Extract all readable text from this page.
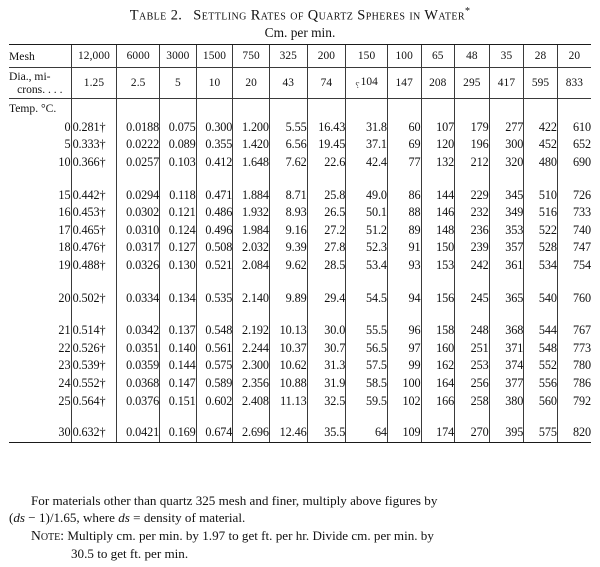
Table 2. Settling Rates of Quartz Spheres in Water*
Cm. per min.
Mesh	12,000	6000	3000	1500	750	325	200	150	100	65	48	35	28	20
Dia., mi-
crons. . . .	1.25	2.5	5	10	20	43	74	$_⸮$104	147	208	295	417	595	833
Temp. °C.														
0	0.281†	0.0188	0.075	0.300	1.200	5.55	16.43	31.8	60	107	179	277	422	610
5	0.333†	0.0222	0.089	0.355	1.420	6.56	19.45	37.1	69	120	196	300	452	652
10	0.366†	0.0257	0.103	0.412	1.648	7.62	22.6	42.4	77	132	212	320	480	690

15	0.442†	0.0294	0.118	0.471	1.884	8.71	25.8	49.0	86	144	229	345	510	726
16	0.453†	0.0302	0.121	0.486	1.932	8.93	26.5	50.1	88	146	232	349	516	733
17	0.465†	0.0310	0.124	0.496	1.984	9.16	27.2	51.2	89	148	236	353	522	740
18	0.476†	0.0317	0.127	0.508	2.032	9.39	27.8	52.3	91	150	239	357	528	747
19	0.488†	0.0326	0.130	0.521	2.084	9.62	28.5	53.4	93	153	242	361	534	754

20	0.502†	0.0334	0.134	0.535	2.140	9.89	29.4	54.5	94	156	245	365	540	760

21	0.514†	0.0342	0.137	0.548	2.192	10.13	30.0	55.5	96	158	248	368	544	767
22	0.526†	0.0351	0.140	0.561	2.244	10.37	30.7	56.5	97	160	251	371	548	773
23	0.539†	0.0359	0.144	0.575	2.300	10.62	31.3	57.5	99	162	253	374	552	780
24	0.552†	0.0368	0.147	0.589	2.356	10.88	31.9	58.5	100	164	256	377	556	786
25	0.564†	0.0376	0.151	0.602	2.408	11.13	32.5	59.5	102	166	258	380	560	792

30	0.632†	0.0421	0.169	0.674	2.696	12.46	35.5	64	109	174	270	395	575	820
For materials other than quartz 325 mesh and finer, multiply above figures by
(ds − 1)/1.65, where ds = density of material.
Note: Multiply cm. per min. by 1.97 to get ft. per hr. Divide cm. per min. by
30.5 to get ft. per min.
